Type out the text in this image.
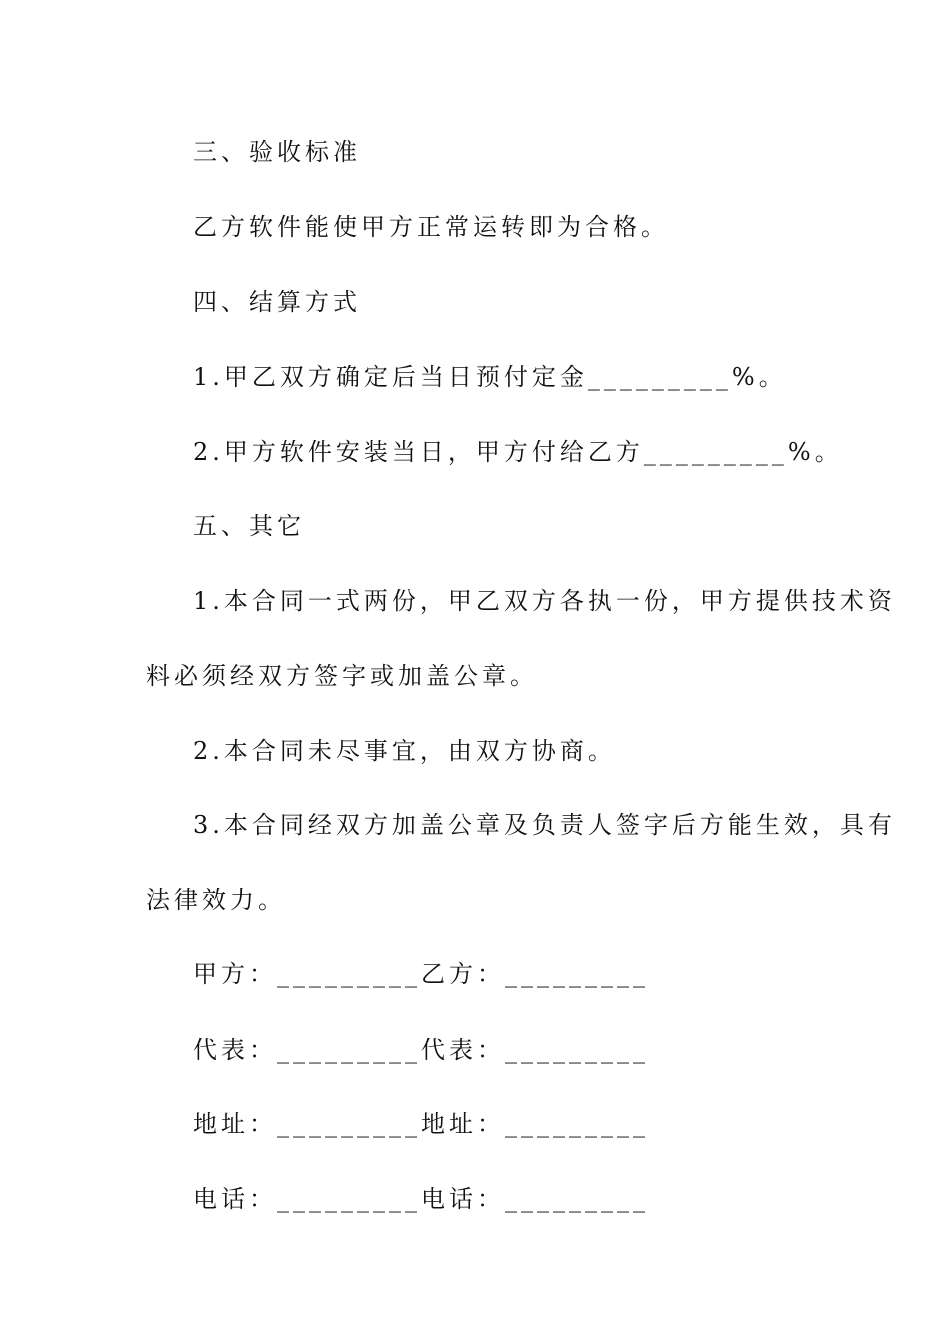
三、验收标准
乙方软件能使甲方正常运转即为合格。
四、结算方式
1.甲乙双方确定后当日预付定金_________%。
2.甲方软件安装当日，甲方付给乙方_________%。
五、其它
1.本合同一式两份，甲乙双方各执一份，甲方提供技术资
料必须经双方签字或加盖公章。
2.本合同未尽事宜，由双方协商。
3.本合同经双方加盖公章及负责人签字后方能生效，具有
法律效力。
甲方：_________乙方：_________
代表：_________代表：_________
地址：_________地址：_________
电话：_________电话：_________
